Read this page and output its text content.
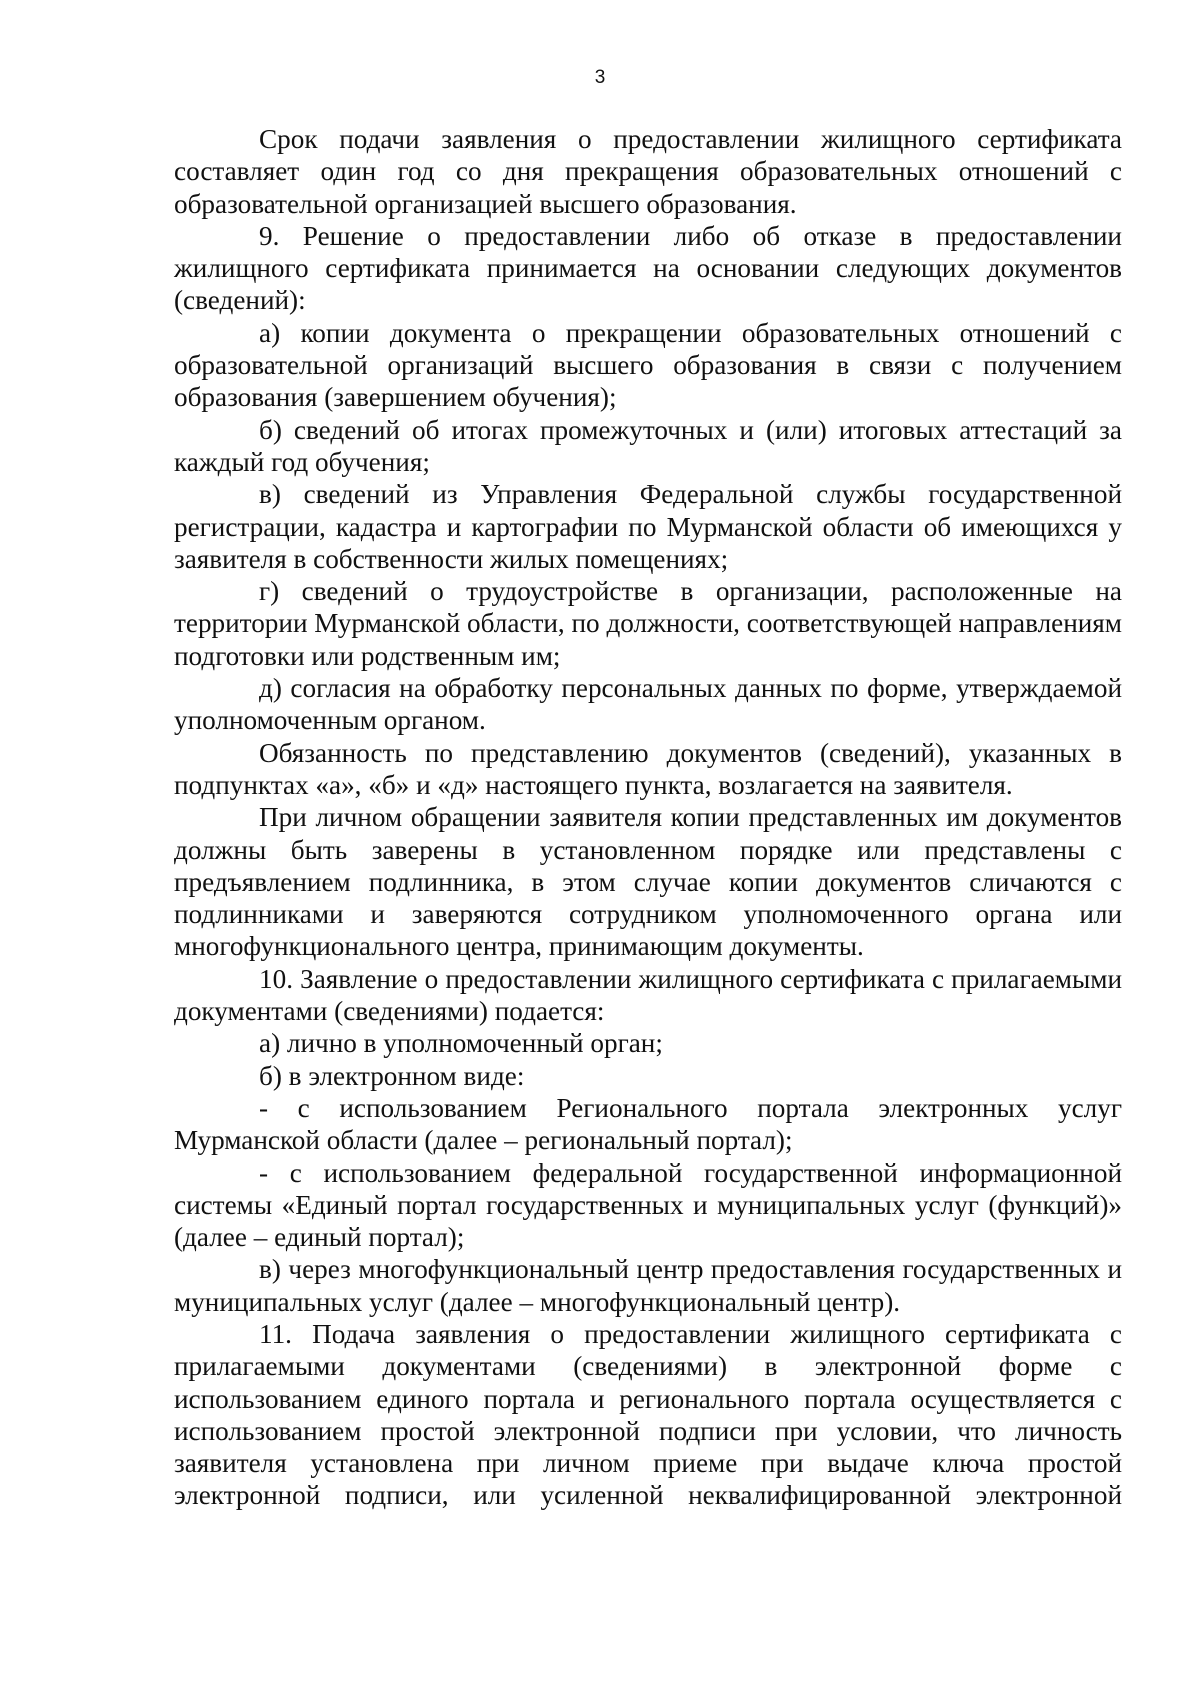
3

Срок подачи заявления о предоставлении жилищного сертификата составляет один год со дня прекращения образовательных отношений с образовательной организацией высшего образования.

9. Решение о предоставлении либо об отказе в предоставлении жилищного сертификата принимается на основании следующих документов (сведений):

а) копии документа о прекращении образовательных отношений с образовательной организаций высшего образования в связи с получением образования (завершением обучения);

б) сведений об итогах промежуточных и (или) итоговых аттестаций за каждый год обучения;

в) сведений из Управления Федеральной службы государственной регистрации, кадастра и картографии по Мурманской области об имеющихся у заявителя в собственности жилых помещениях;

г) сведений о трудоустройстве в организации, расположенные на территории Мурманской области, по должности, соответствующей направлениям подготовки или родственным им;

д) согласия на обработку персональных данных по форме, утверждаемой уполномоченным органом.

Обязанность по представлению документов (сведений), указанных в подпунктах «а», «б» и «д» настоящего пункта, возлагается на заявителя.

При личном обращении заявителя копии представленных им документов должны быть заверены в установленном порядке или представлены с предъявлением подлинника, в этом случае копии документов сличаются с подлинниками и заверяются сотрудником уполномоченного органа или многофункционального центра, принимающим документы.

10. Заявление о предоставлении жилищного сертификата с прилагаемыми документами (сведениями) подается:

а) лично в уполномоченный орган;

б) в электронном виде:

- с использованием Регионального портала электронных услуг Мурманской области (далее – региональный портал);

- с использованием федеральной государственной информационной системы «Единый портал государственных и муниципальных услуг (функций)» (далее – единый портал);

в) через многофункциональный центр предоставления государственных и муниципальных услуг (далее – многофункциональный центр).

11. Подача заявления о предоставлении жилищного сертификата с прилагаемыми документами (сведениями) в электронной форме с использованием единого портала и регионального портала осуществляется с использованием простой электронной подписи при условии, что личность заявителя установлена при личном приеме при выдаче ключа простой электронной подписи, или усиленной неквалифицированной электронной
